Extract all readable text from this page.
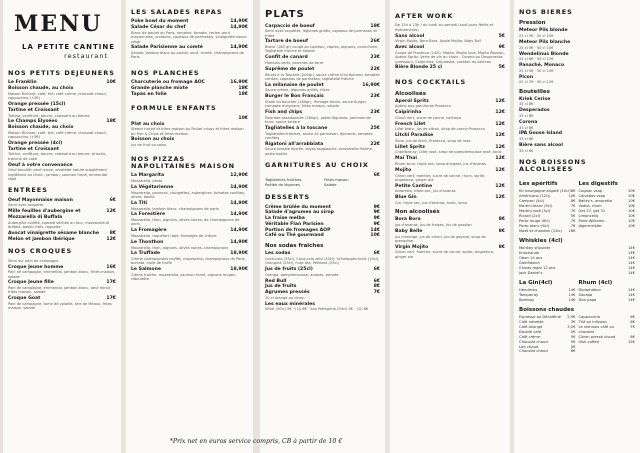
MENU
LA PETITE CANTINE
restaurant
NOS PETITS DEJEUNERS
Le Franklin	10€
Boisson chaude, au choix
Maison Richard, café, thé, café crème, chocolat chaud, cappuccino (+3€)
Orange pressée (15cl)
Tartine et Croissant
Tartine, confiture, beurre, croissant au beurre
Le Champs Elysées	18€
Boisson chaude, au choix
Maison Richard, café, thé, café crème, chocolat chaud, cappuccino (+3€)
Orange pressée (4cl)
Tartine et Croissant
Tartine, confiture, beurre, croissant au beurre, brioche, tranche de cake
Oeuf à votre convenance
Oeuf brouillé, oeuf miroir, omelette nature supplément ingrédient au choix : jambon, saumon fumé, emmental râpé
ENTREES
Oeuf Mayonnaise maison	6€
Servi avec roquette
Mille feuilles d'aubergine et Mozzarella di Buffala
12€
Aubergine confite, tomate séchée au four, mozzarella di buffala, basilic frais, roquette
Avocat vinaigrette sésame blanche 8€
Melon et jambon Ibérique	12€
NOS CROQUES
Servi sur pain de campagne
Croque Jeune homme	16€
Pain de campagne, emmental, jambon blanc, frites maison, salade
Croque Jeune fille	17€
Pain de campagne, emmental, jambon blanc, oeuf miroir, frites maison, salade
Croque Goat	17€
Pain de campagne, tome de volaille, brie de Meaux, frites maison, salade
LES SALADES REPAS
Poke bowl du moment	14,90€
Salade César du chef	14,90€
Blanc de poulet au Paris, romaine, tomate, cerise, oeuf mayonnaise, croûtons, copeaux de parmesan, vinaigrette sauce césar
Salade Parisienne au comté	14,90€
Salade, jambon blanc au poulet, oeuf, comté, champignons de Paris
NOS PLANCHES
Charcuterie ou fromage AOC	16,90€
Grande planche mixte	18€
Tapas en folie	18€
FORMULE ENFANTS
10€
Plat au choix
Steack haché et frites maison ou Poulet crispy et frites maison ou Fish & Chips et frites maison
Boisson au choix
Jus de fruit ou soda
NOS PIZZAS NAPOLITAINES MAISON
La Margarita	12,90€
Mozzarella, pesto
La Végétarienne	14,90€
Mozzarella, poivrons, courgettes, aubergines, tomates confites, olives, basilic
La Titi	14,90€
Mozzarella, jambon blanc, champignons de paris
La Forestière	14,90€
Mozzarella, thon, oignons, olives noires, de champignons de paris
La Fromagère	14,90€
Mozzarella, roquefort râpé, fromages de chèvre
Le Thonthon	14,90€
Mozzarella, thon, oignons, olives noires, champignons
La Truffade	18,90€
Crème champignons truffés, mozzarella, champignons de Paris, burrata, huile de truffe
Le Salmone	18,90€
Crème fraîche, mozzarella, saumon fumé, oignons rouges, ciboulette
PLATS
Carpaccio de boeuf	18€
Servi avec roquette, légumes grillés, copeaux de parmesan et frites
Tartare de boeuf	26€
Boeuf (180 gr) coupé au couteau, câpres, oignons, cornichons, Tagliatelle fraîche et Salade
Confit de canard	23€
Haricots verts, pommes de terre
Suprême de poulet	22€
Poulet à la Toscane (200gr), sauce crème d'ail épinard, tomates cerises, copeaux de parmesan, tagliatelle fraîche
La milanaise de poulet	16,90€
Sauce crème, légumes grillés, frites
Burger le Bon Français	23€
Steak du boucher (180gr), fromage fondu, sauce burger, compote d'oignons, frites maison, salade
Fish and chips	23€
Daurade assaisonnée (180gr), petits légumes, pommes de terre, sauce tartare
Tagliatelles à la toscane	25€
Tagliatelles fraîches, sauce ail parmesan, épinards, tomates confites
Rigatoni all'arrabbiata	22€
Sauce tomate épicée, olives taggiasche, mozzarella fraîche, pesto basilic
GARNITURES AU CHOIX
6€
Tagliatelles fraîches
Poêlée de légumes
Frites maison
Salade
DESSERTS
Crème brûlée du moment	9€
Salade d'agrumes au sirop	9€
La fraise melba	9€
Véritable Flan Parisien	9€
Portion de fromages AOP	14€
Café ou Thé gourmand	10€
Nos sodas fraîches
Les sodas	6€
Coca-cola (33cl), Coca-cola zéro (33cl), Schweppes tonic (25cl), Orangina (25cl), Fuze tea, Pétillant (25cl)
Jus de fruits (25cl)	6€
Orange, pamplemousse, ananas, tomate
Red Bull	6€
Jus de fruits	8€
Agrumes pressés	7€
20 cl orange ou citron
Les eaux minérales
Vittel (50cl) 5€ · (1l) 8€ · San Pellegrino (50cl) 5€ · (1l) 8€
*Prix net en euros service compris, CB à partir de 10 €
AFTER WORK
De 15h à 23h / du lundi au samedi (sauf jours fériés et événements)
Sans alcool	5€
Virgin Mojito, Bora Bora, Apple Mojito, Baby Bull
Avec alcool	9€
Coupe de Prosecco (14cl), Mojito, Mojito love, Mojito Passion, Apérol Spritz, Verre de vin au choix : Corona ou Desperados (pression), Caipirinha, Caipiroska, cocktail du barman
Bière Blonde 25 cl	5€
NOS COCKTAILS
Alcoolisés
Aperol Spritz	12€
Apérol aux garnitures Prosecco
Caipirinha	12€
Citron vert, sucre de canne, cachaça
French Lilet	12€
Lillet blanc, jus de citron, sirop de canne Prosecco
Litchi Paradise	12€
Soho, jus de litchi, Prosecco, sirop de rose
Lillet Spritz	12€
Chardonnay, Lillet rosé, sirop de pamplemousse rosé, tonic
Mai Thai	12€
Rhum brun, triple sec, sirop d'orgeat, jus d'ananas
Mojito	12€
Citron vert, menthe, sucre de canne, rhum, sprite, angostura, ginger ale
Petite Cantine	12€
Amaretto, triple sec, jus d'ananas
Blue Gin	12€
Gin, triple sec, jus d'ananas, tonic, sirop
Non alcoolisés
Bora Bora	8€
Jus d'ananas, jus de fraises, jus de passion
Baby Belle	8€
Jus d'orange, jus de citron, jus de goyave, sirop de grenadine
Virgin Mojito	8€
Citron vert, menthe, sucre de canne, sprite, angostura, ginger ale
NOS BIERES
Pression
Meteor Pils blonde
25 cl 5€ · 50 cl 10€
Meteor Pils blanche
25 cl 5€ · 50 cl 10€
Wendelinus Blonde
25 cl 6€ · 50 cl 12€
Panaché, Monaco
25 cl 5€ · 50 cl 10€
Picon
25 cl 7€ · 50 cl 12€
Bouteilles
Kriek Cerise
33 cl 8€
Desperados
33 cl 8€
Corona
33 cl 8€
IPA Goose Island
33 cl 8€
Bière sans alcool
33 cl 6€
NOS BOISSONS ALCOLISEES
Les apéritifs
Kir bourgogne aligoté (12cl) 8€
Américano (12cl)	10€
Campari (4cl)	8€
Martini blanc (5cl)	7€
Martini rosé (5cl)	7€
Ricard (2cl)	5€
Porto rouge (6cl)	7€
Porto blanc (6cl)	7€
Moet et chandon (12cl) 16€
Les digestifs
Cognac vsop	10€
Calvados vsop	10€
Bailey's, amaretto	10€
Vodka, rhum	10€
Get 27, get 31	10€
Limoncello	10€
Poire Williams	10€
Jägermeister	10€
Whiskies (4cl)
Monkey shoulder	14€
Knockando	14€
Oban 14 ans	14€
Glenfiddich	14€
Chivas regal 12 ans	14€
Jack Daniel's	14€
La Gin(4cl)
Hendricks	14€
Tanqueray	14€
Bombay	14€
Rhum (4cl)
Diplomatico	14€
Zacapa	14€
Don papa	14€
Boissons chaudes
Espresso ou Décaféiné 2,9€
Café noisette	3€
Café Allongé	3,2€
Double café	5€
Café crème	5€
Chocolat chaud	5€
Lait chaud	5€
Chocolat chaud	6€
Cappuccino	6€
Thé ou infusion	6€
Le viennois café ou chocolat
7€
Citron pressé chaud	6€
Irish coffee	15€
